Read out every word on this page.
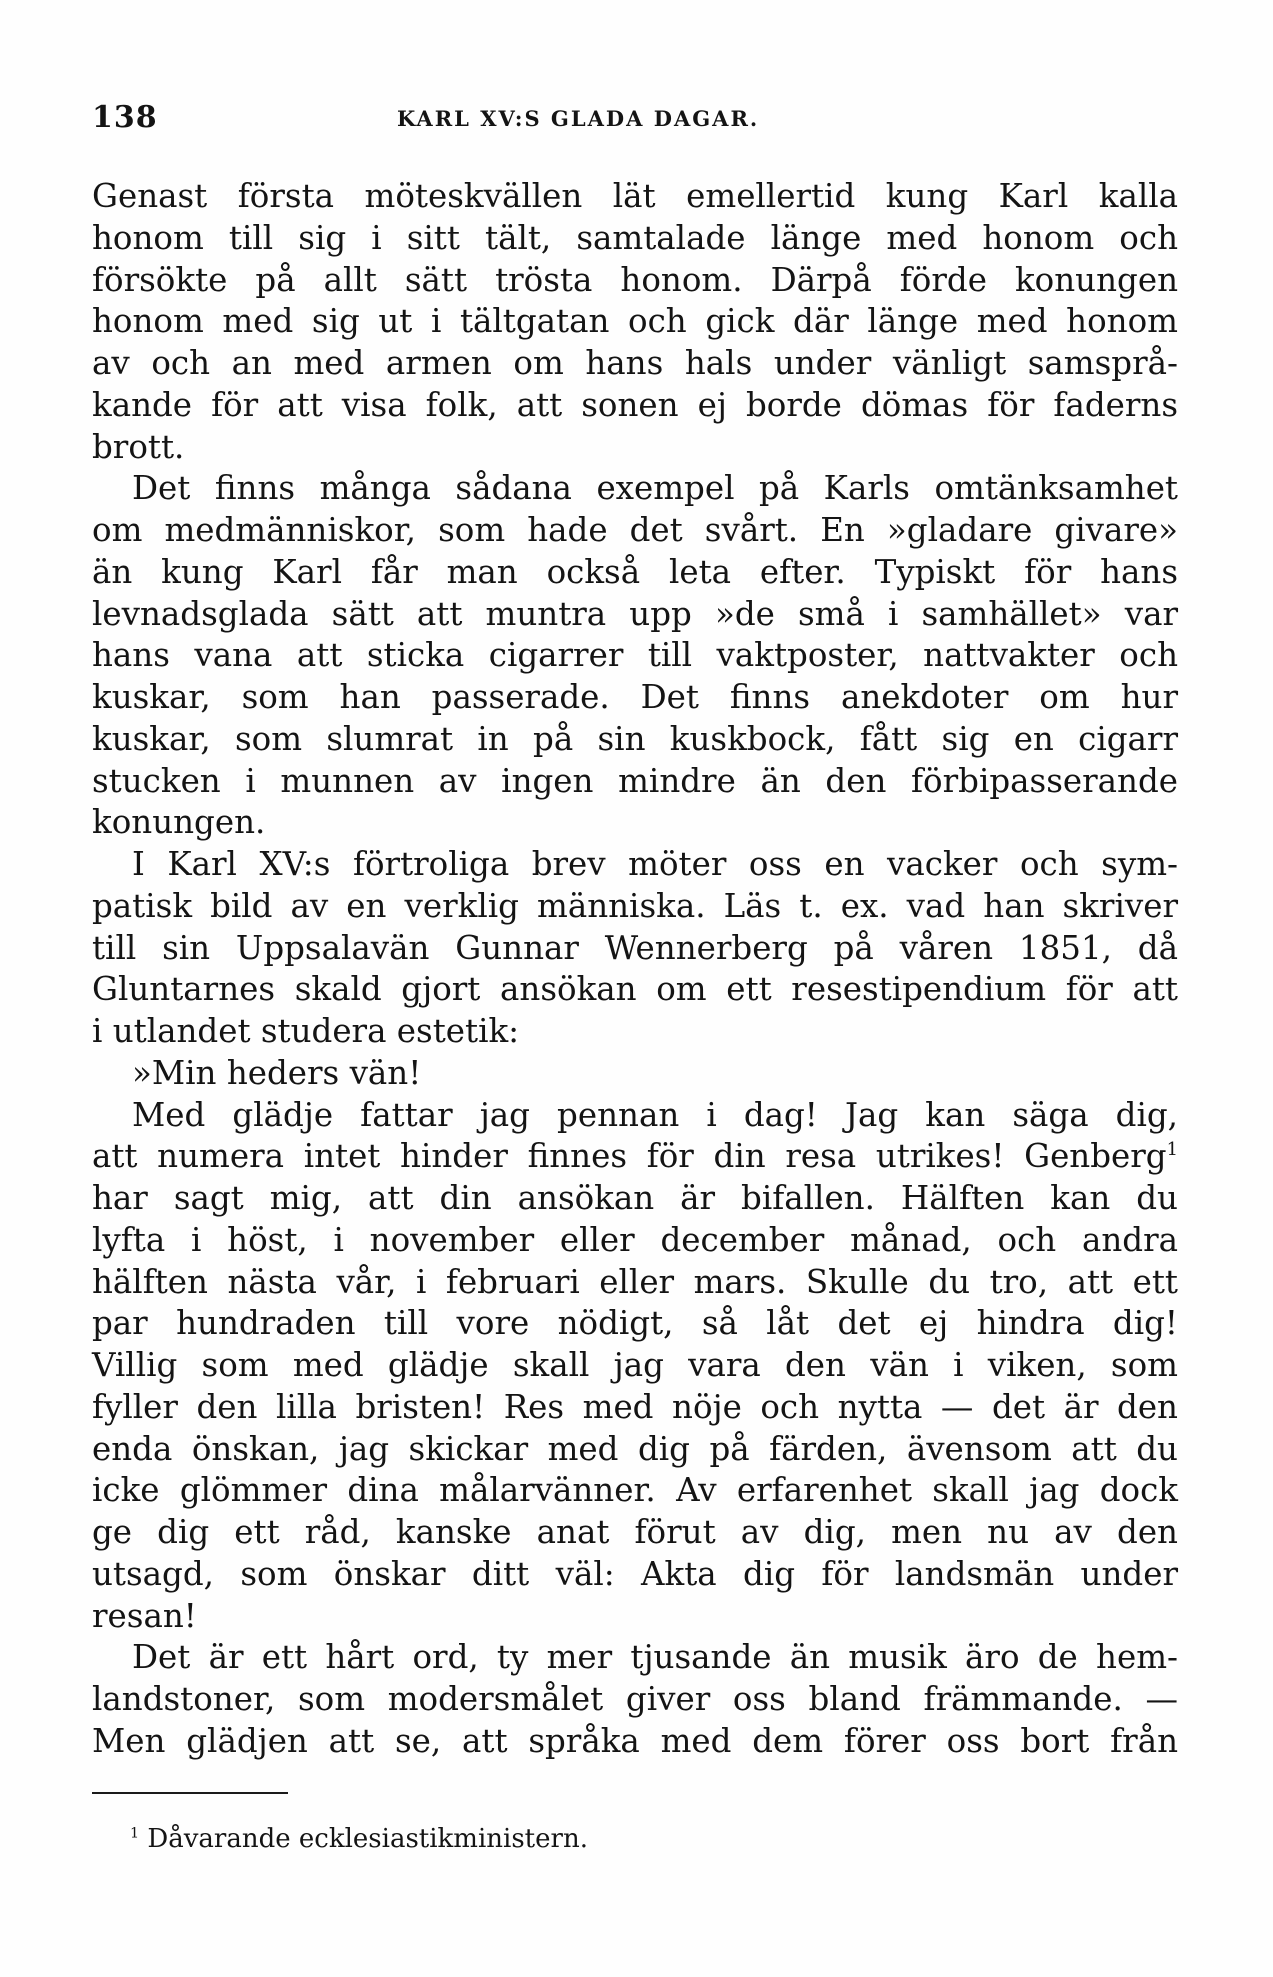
138	KARL XV:S GLADA DAGAR.
Genast första möteskvällen lät emellertid kung Karl kalla
honom till sig i sitt tält, samtalade länge med honom och
försökte på allt sätt trösta honom. Därpå förde konungen
honom med sig ut i tältgatan och gick där länge med honom
av och an med armen om hans hals under vänligt samsprå-
kande för att visa folk, att sonen ej borde dömas för faderns
brott.
Det finns många sådana exempel på Karls omtänksamhet
om medmänniskor, som hade det svårt. En »gladare givare»
än kung Karl får man också leta efter. Typiskt för hans
levnadsglada sätt att muntra upp »de små i samhället» var
hans vana att sticka cigarrer till vaktposter, nattvakter och
kuskar, som han passerade. Det finns anekdoter om hur
kuskar, som slumrat in på sin kuskbock, fått sig en cigarr
stucken i munnen av ingen mindre än den förbipasserande
konungen.
I Karl XV:s förtroliga brev möter oss en vacker och sym-
patisk bild av en verklig människa. Läs t. ex. vad han skriver
till sin Uppsalavän Gunnar Wennerberg på våren 1851, då
Gluntarnes skald gjort ansökan om ett resestipendium för att
i utlandet studera estetik:
»Min heders vän!
Med glädje fattar jag pennan i dag! Jag kan säga dig,
att numera intet hinder finnes för din resa utrikes! Genberg$^1$
har sagt mig, att din ansökan är bifallen. Hälften kan du
lyfta i höst, i november eller december månad, och andra
hälften nästa vår, i februari eller mars. Skulle du tro, att ett
par hundraden till vore nödigt, så låt det ej hindra dig!
Villig som med glädje skall jag vara den vän i viken, som
fyller den lilla bristen! Res med nöje och nytta — det är den
enda önskan, jag skickar med dig på färden, ävensom att du
icke glömmer dina målarvänner. Av erfarenhet skall jag dock
ge dig ett råd, kanske anat förut av dig, men nu av den
utsagd, som önskar ditt väl: Akta dig för landsmän under
resan!
Det är ett hårt ord, ty mer tjusande än musik äro de hem-
landstoner, som modersmålet giver oss bland främmande. —
Men glädjen att se, att språka med dem förer oss bort från
$^1$ Dåvarande ecklesiastikministern.
